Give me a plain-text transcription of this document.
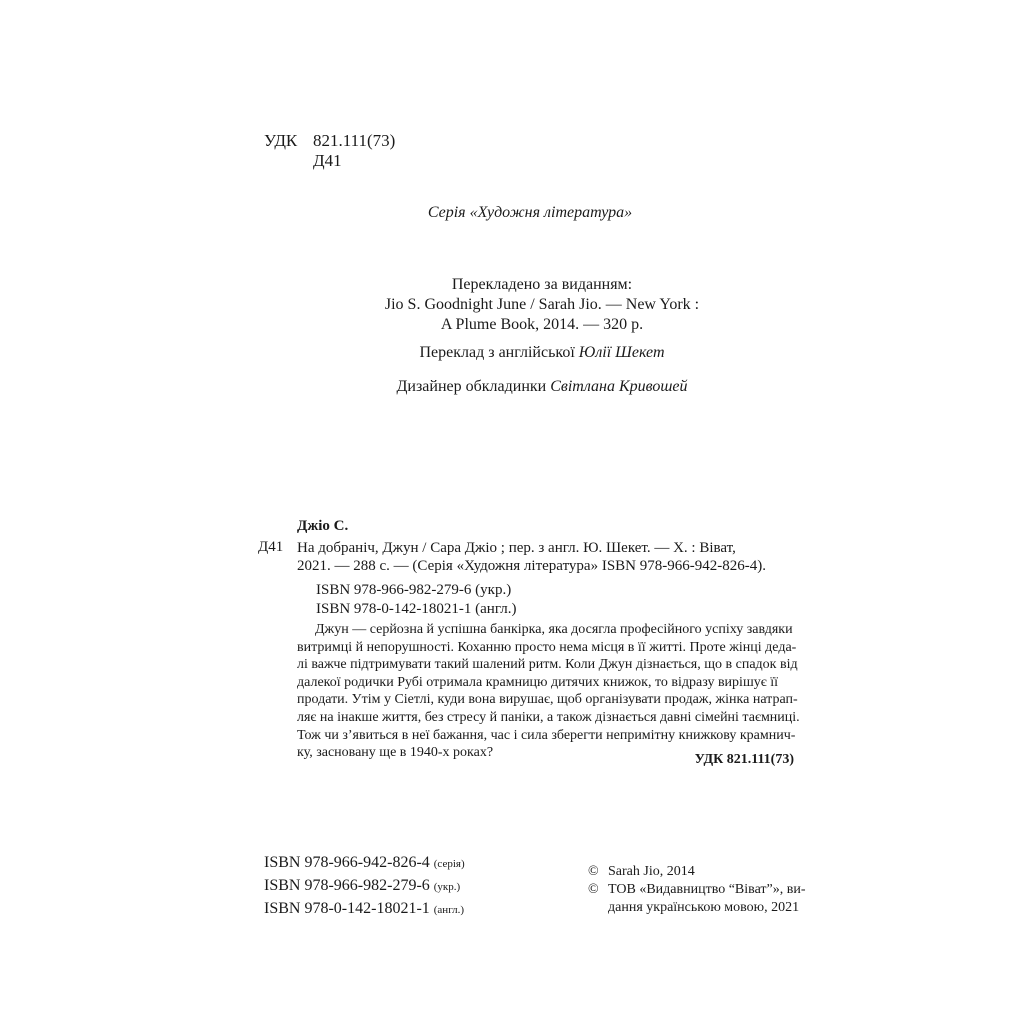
УДК 821.111(73)
Д41
Серія «Художня література»
Перекладено за виданням:
Jio S. Goodnight June / Sarah Jio. — New York :
A Plume Book, 2014. — 320 p.
Переклад з англійської Юлії Шекет
Дизайнер обкладинки Світлана Кривошей
Джіо С.
Д41 На добраніч, Джун / Сара Джіо ; пер. з англ. Ю. Шекет. — Х. : Віват,
2021. — 288 с. — (Серія «Художня література» ISBN 978-966-942-826-4).
ISBN 978-966-982-279-6 (укр.)
ISBN 978-0-142-18021-1 (англ.)
Джун — серйозна й успішна банкірка, яка досягла професійного успіху завдяки
витримці й непорушності. Коханню просто нема місця в її житті. Проте жінці деда-
лі важче підтримувати такий шалений ритм. Коли Джун дізнається, що в спадок від
далекої родички Рубі отримала крамницю дитячих книжок, то відразу вирішує її
продати. Утім у Сіетлі, куди вона вирушає, щоб організувати продаж, жінка натрап-
ляє на інакше життя, без стресу й паніки, а також дізнається давні сімейні таємниці.
Тож чи з’явиться в неї бажання, час і сила зберегти непримітну книжкову крамнич-
ку, засновану ще в 1940-х роках?	УДК 821.111(73)
ISBN 978-966-942-826-4 (серія)
ISBN 978-966-982-279-6 (укр.)
ISBN 978-0-142-18021-1 (англ.)
© Sarah Jio, 2014
© ТОВ «Видавництво “Віват”», ви-
дання українською мовою, 2021
